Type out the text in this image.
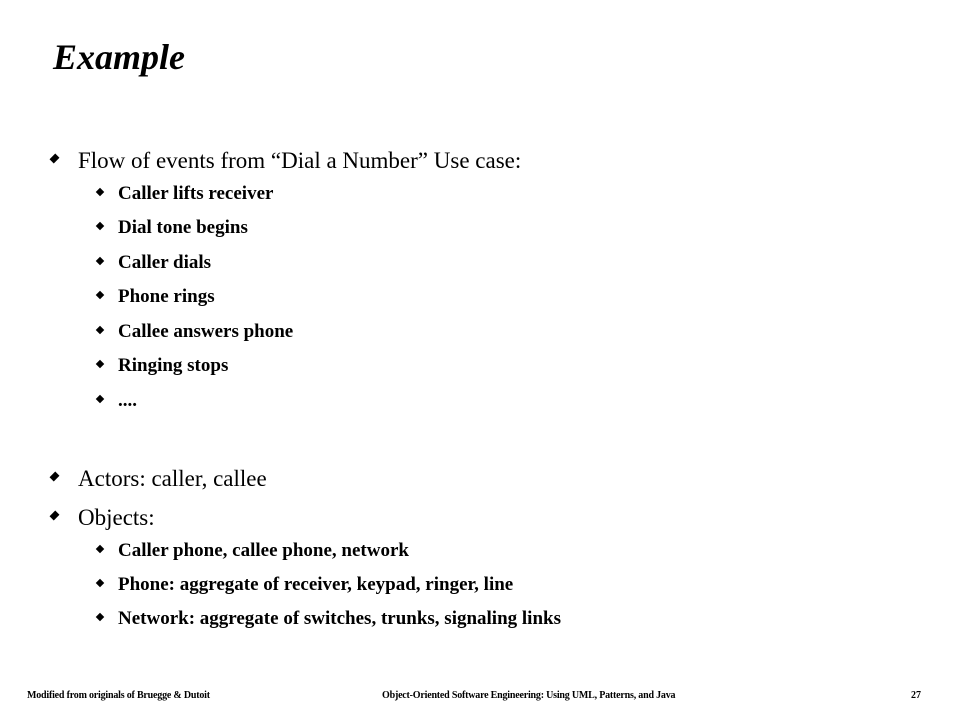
Example
Flow of events from “Dial a Number” Use case:
Caller lifts receiver
Dial tone begins
Caller dials
Phone rings
Callee answers phone
Ringing stops
....
Actors: caller, callee
Objects:
Caller phone, callee phone, network
Phone: aggregate of receiver, keypad, ringer, line
Network: aggregate of switches, trunks, signaling links
Modified from originals of Bruegge & Dutoit	Object-Oriented Software Engineering: Using UML, Patterns, and Java	27
